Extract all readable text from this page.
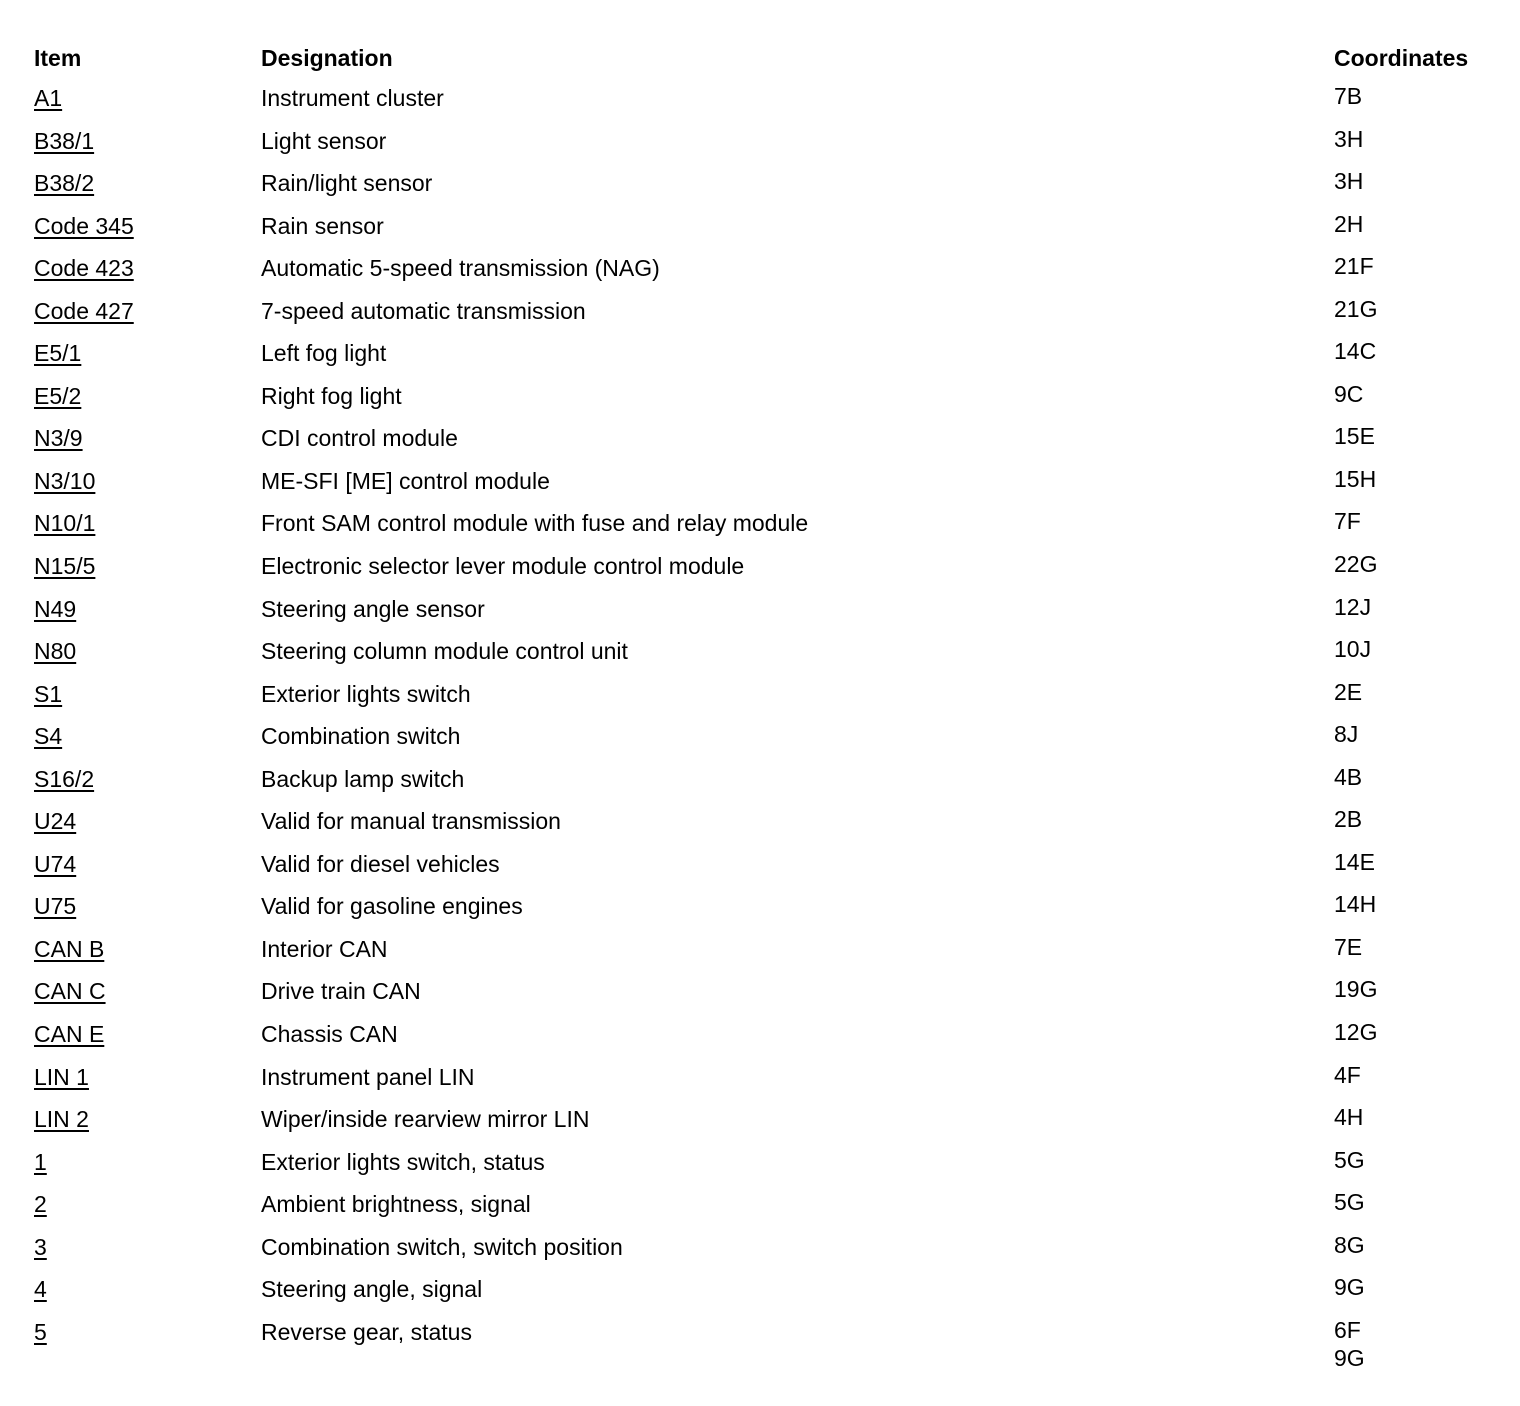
Item	Designation	Coordinates
A1	Instrument cluster	7B
B38/1	Light sensor	3H
B38/2	Rain/light sensor	3H
Code 345	Rain sensor	2H
Code 423	Automatic 5-speed transmission (NAG)	21F
Code 427	7-speed automatic transmission	21G
E5/1	Left fog light	14C
E5/2	Right fog light	9C
N3/9	CDI control module	15E
N3/10	ME-SFI [ME] control module	15H
N10/1	Front SAM control module with fuse and relay module	7F
N15/5	Electronic selector lever module control module	22G
N49	Steering angle sensor	12J
N80	Steering column module control unit	10J
S1	Exterior lights switch	2E
S4	Combination switch	8J
S16/2	Backup lamp switch	4B
U24	Valid for manual transmission	2B
U74	Valid for diesel vehicles	14E
U75	Valid for gasoline engines	14H
CAN B	Interior CAN	7E
CAN C	Drive train CAN	19G
CAN E	Chassis CAN	12G
LIN 1	Instrument panel LIN	4F
LIN 2	Wiper/inside rearview mirror LIN	4H
1	Exterior lights switch, status	5G
2	Ambient brightness, signal	5G
3	Combination switch, switch position	8G
4	Steering angle, signal	9G
5	Reverse gear, status	6F
9G
